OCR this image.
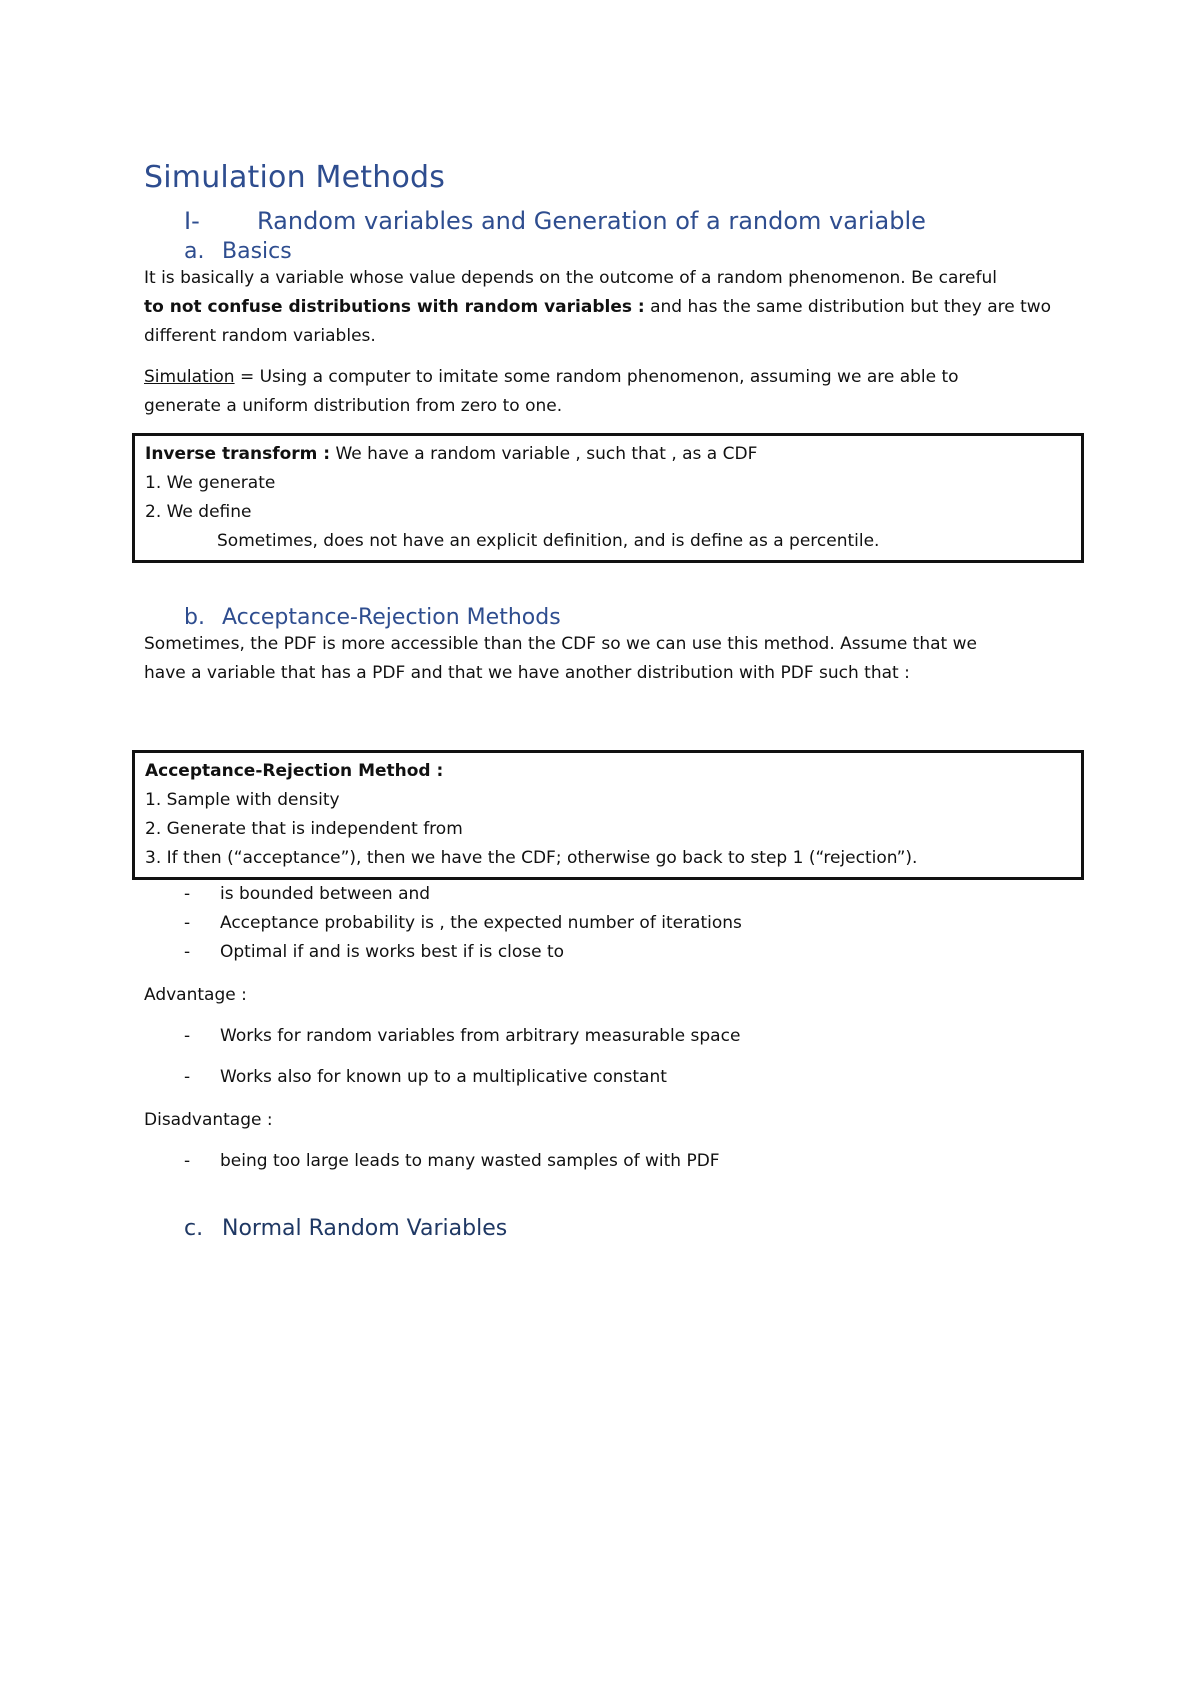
Simulation Methods
I-	Random variables and Generation of a random variable
a. Basics

It is basically a variable whose value depends on the outcome of a random phenomenon. Be careful
to not confuse distributions with random variables : and has the same distribution but they are two
different random variables.

Simulation = Using a computer to imitate some random phenomenon, assuming we are able to
generate a uniform distribution from zero to one.

Inverse transform : We have a random variable , such that , as a CDF

1. We generate

2. We define

Sometimes, does not have an explicit definition, and is define as a percentile.

b. Acceptance-Rejection Methods

Sometimes, the PDF is more accessible than the CDF so we can use this method. Assume that we
have a variable that has a PDF and that we have another distribution with PDF such that :

Acceptance-Rejection Method :

1. Sample with density

2. Generate that is independent from

3. If then (“acceptance”), then we have the CDF; otherwise go back to step 1 (“rejection”).

-	is bounded between and
-	Acceptance probability is , the expected number of iterations
-	Optimal if and is works best if is close to

Advantage :

-	Works for random variables from arbitrary measurable space
-	Works also for known up to a multiplicative constant

Disadvantage :

-	being too large leads to many wasted samples of with PDF
c. Normal Random Variables
